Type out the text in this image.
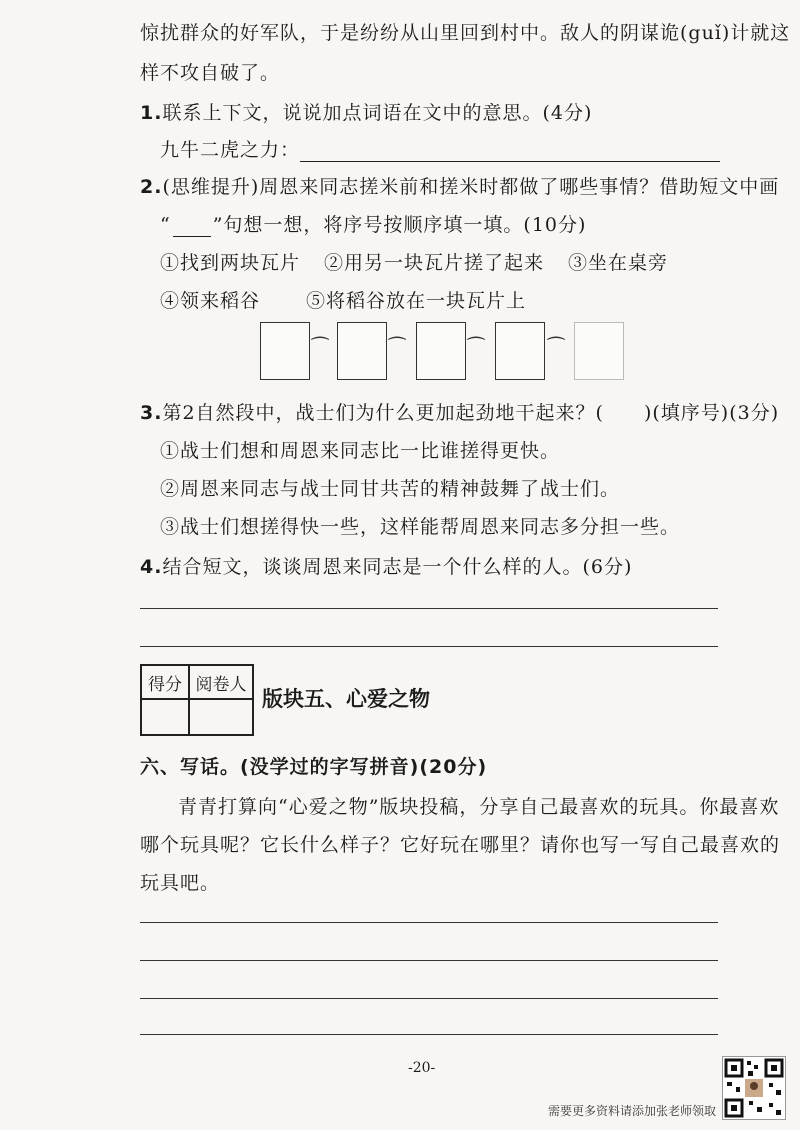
惊扰群众的好军队，于是纷纷从山里回到村中。敌人的阴谋诡(guǐ)计就这
样不攻自破了。
1.联系上下文，说说加点词语在文中的意思。(4分)
九牛二虎之力：
2.(思维提升)周恩来同志搓米前和搓米时都做了哪些事情？借助短文中画
“ ”句想一想，将序号按顺序填一填。(10分)
①找到两块瓦片 ②用另一块瓦片搓了起来 ③坐在桌旁
④领来稻谷 ⑤将稻谷放在一块瓦片上
⁀	⁀	⁀	⁀
3.第2自然段中，战士们为什么更加起劲地干起来？(　　)(填序号)(3分)
①战士们想和周恩来同志比一比谁搓得更快。
②周恩来同志与战士同甘共苦的精神鼓舞了战士们。
③战士们想搓得快一些，这样能帮周恩来同志多分担一些。
4.结合短文，谈谈周恩来同志是一个什么样的人。(6分)
得分	阅卷人

版块五、心爱之物
六、写话。(没学过的字写拼音)(20分)
青青打算向“心爱之物”版块投稿，分享自己最喜欢的玩具。你最喜欢
哪个玩具呢？它长什么样子？它好玩在哪里？请你也写一写自己最喜欢的
玩具吧。
-20-
需要更多资料请添加张老师领取
